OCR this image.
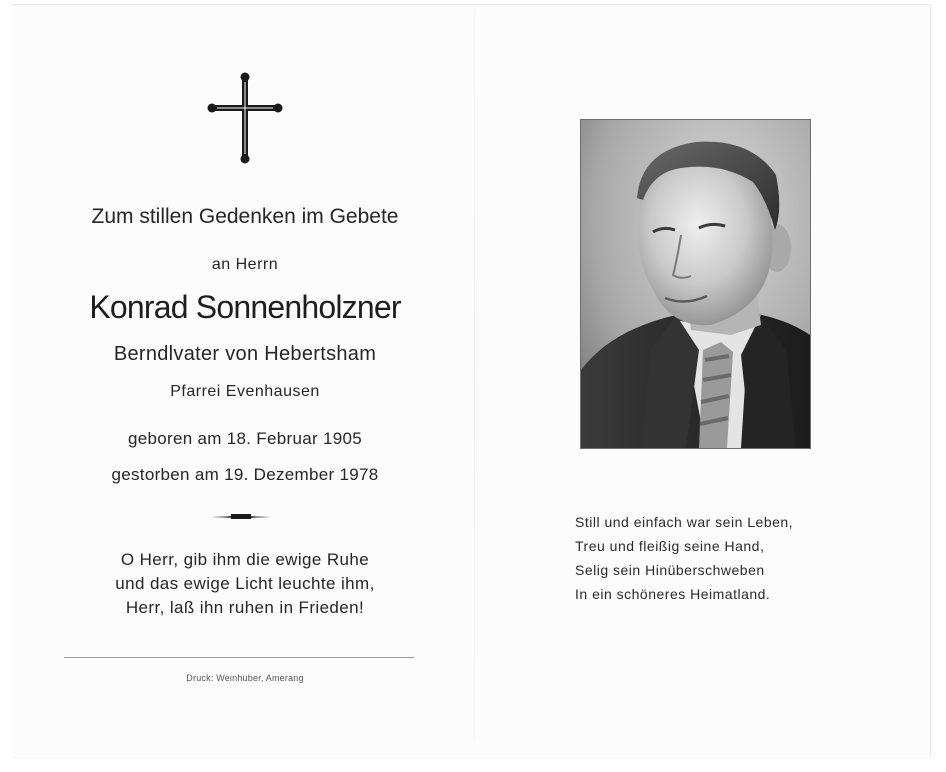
Zum stillen Gedenken im Gebete
an Herrn
Konrad Sonnenholzner
Berndlvater von Hebertsham
Pfarrei Evenhausen
geboren am 18. Februar 1905
gestorben am 19. Dezember 1978
O Herr, gib ihm die ewige Ruhe
und das ewige Licht leuchte ihm,
Herr, laß ihn ruhen in Frieden!
Druck: Weinhuber, Amerang
Still und einfach war sein Leben,
Treu und fleißig seine Hand,
Selig sein Hinüberschweben
In ein schöneres Heimatland.
